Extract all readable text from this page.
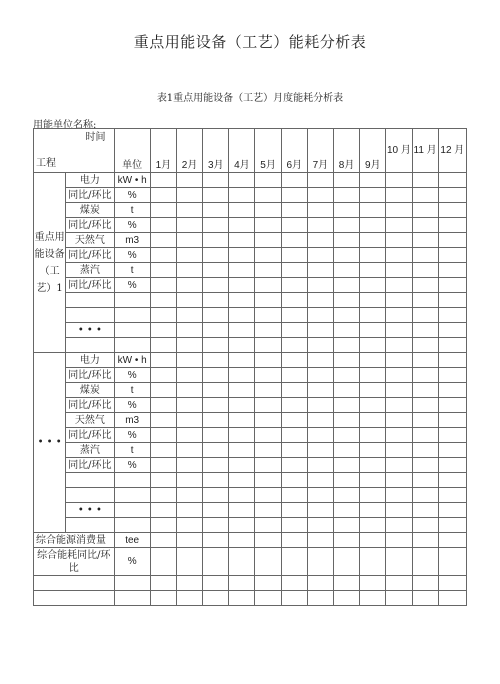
重点用能设备（工艺）能耗分析表
表1重点用能设备（工艺）月度能耗分析表
用能单位名称:
时间
工程		单位	1月	2月	3月	4月	5月	6月	7月	8月	9月	10 月	11 月	12 月
重点用能设备（工艺）1	电力	kW • h												
	同比/环比	%												
	煤炭	t												
	同比/环比	%												
	天然气	m3												
	同比/环比	%												
	蒸汽	t												
	同比/环比	%												

	• • •													

• • •	电力	kW • h												
	同比/环比	%												
	煤炭	t												
	同比/环比	%												
	天然气	m3												
	同比/环比	%												
	蒸汽	t												
	同比/环比	%												

	• • •													

综合能源消费量		tee												
综合能耗同比/环比		%												
